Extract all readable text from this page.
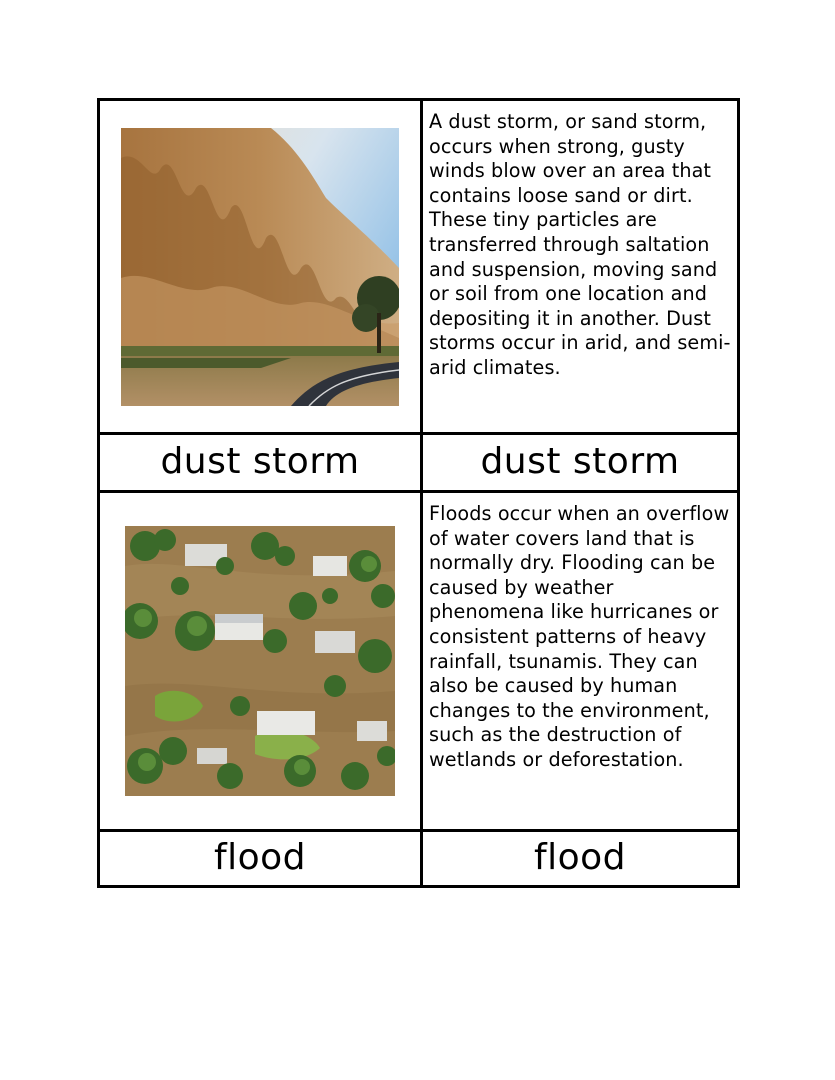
A dust storm, or sand storm, occurs when strong, gusty winds blow over an area that contains loose sand or dirt. These tiny particles are transferred through saltation and suspension, moving sand or soil from one location and depositing it in another. Dust storms occur in arid, and semi-arid climates.
dust storm	dust storm
Floods occur when an overflow of water covers land that is normally dry. Flooding can be caused by weather phenomena like hurricanes or consistent patterns of heavy rainfall, tsunamis. They can also be caused by human changes to the environment, such as the destruction of wetlands or deforestation.
flood	flood
